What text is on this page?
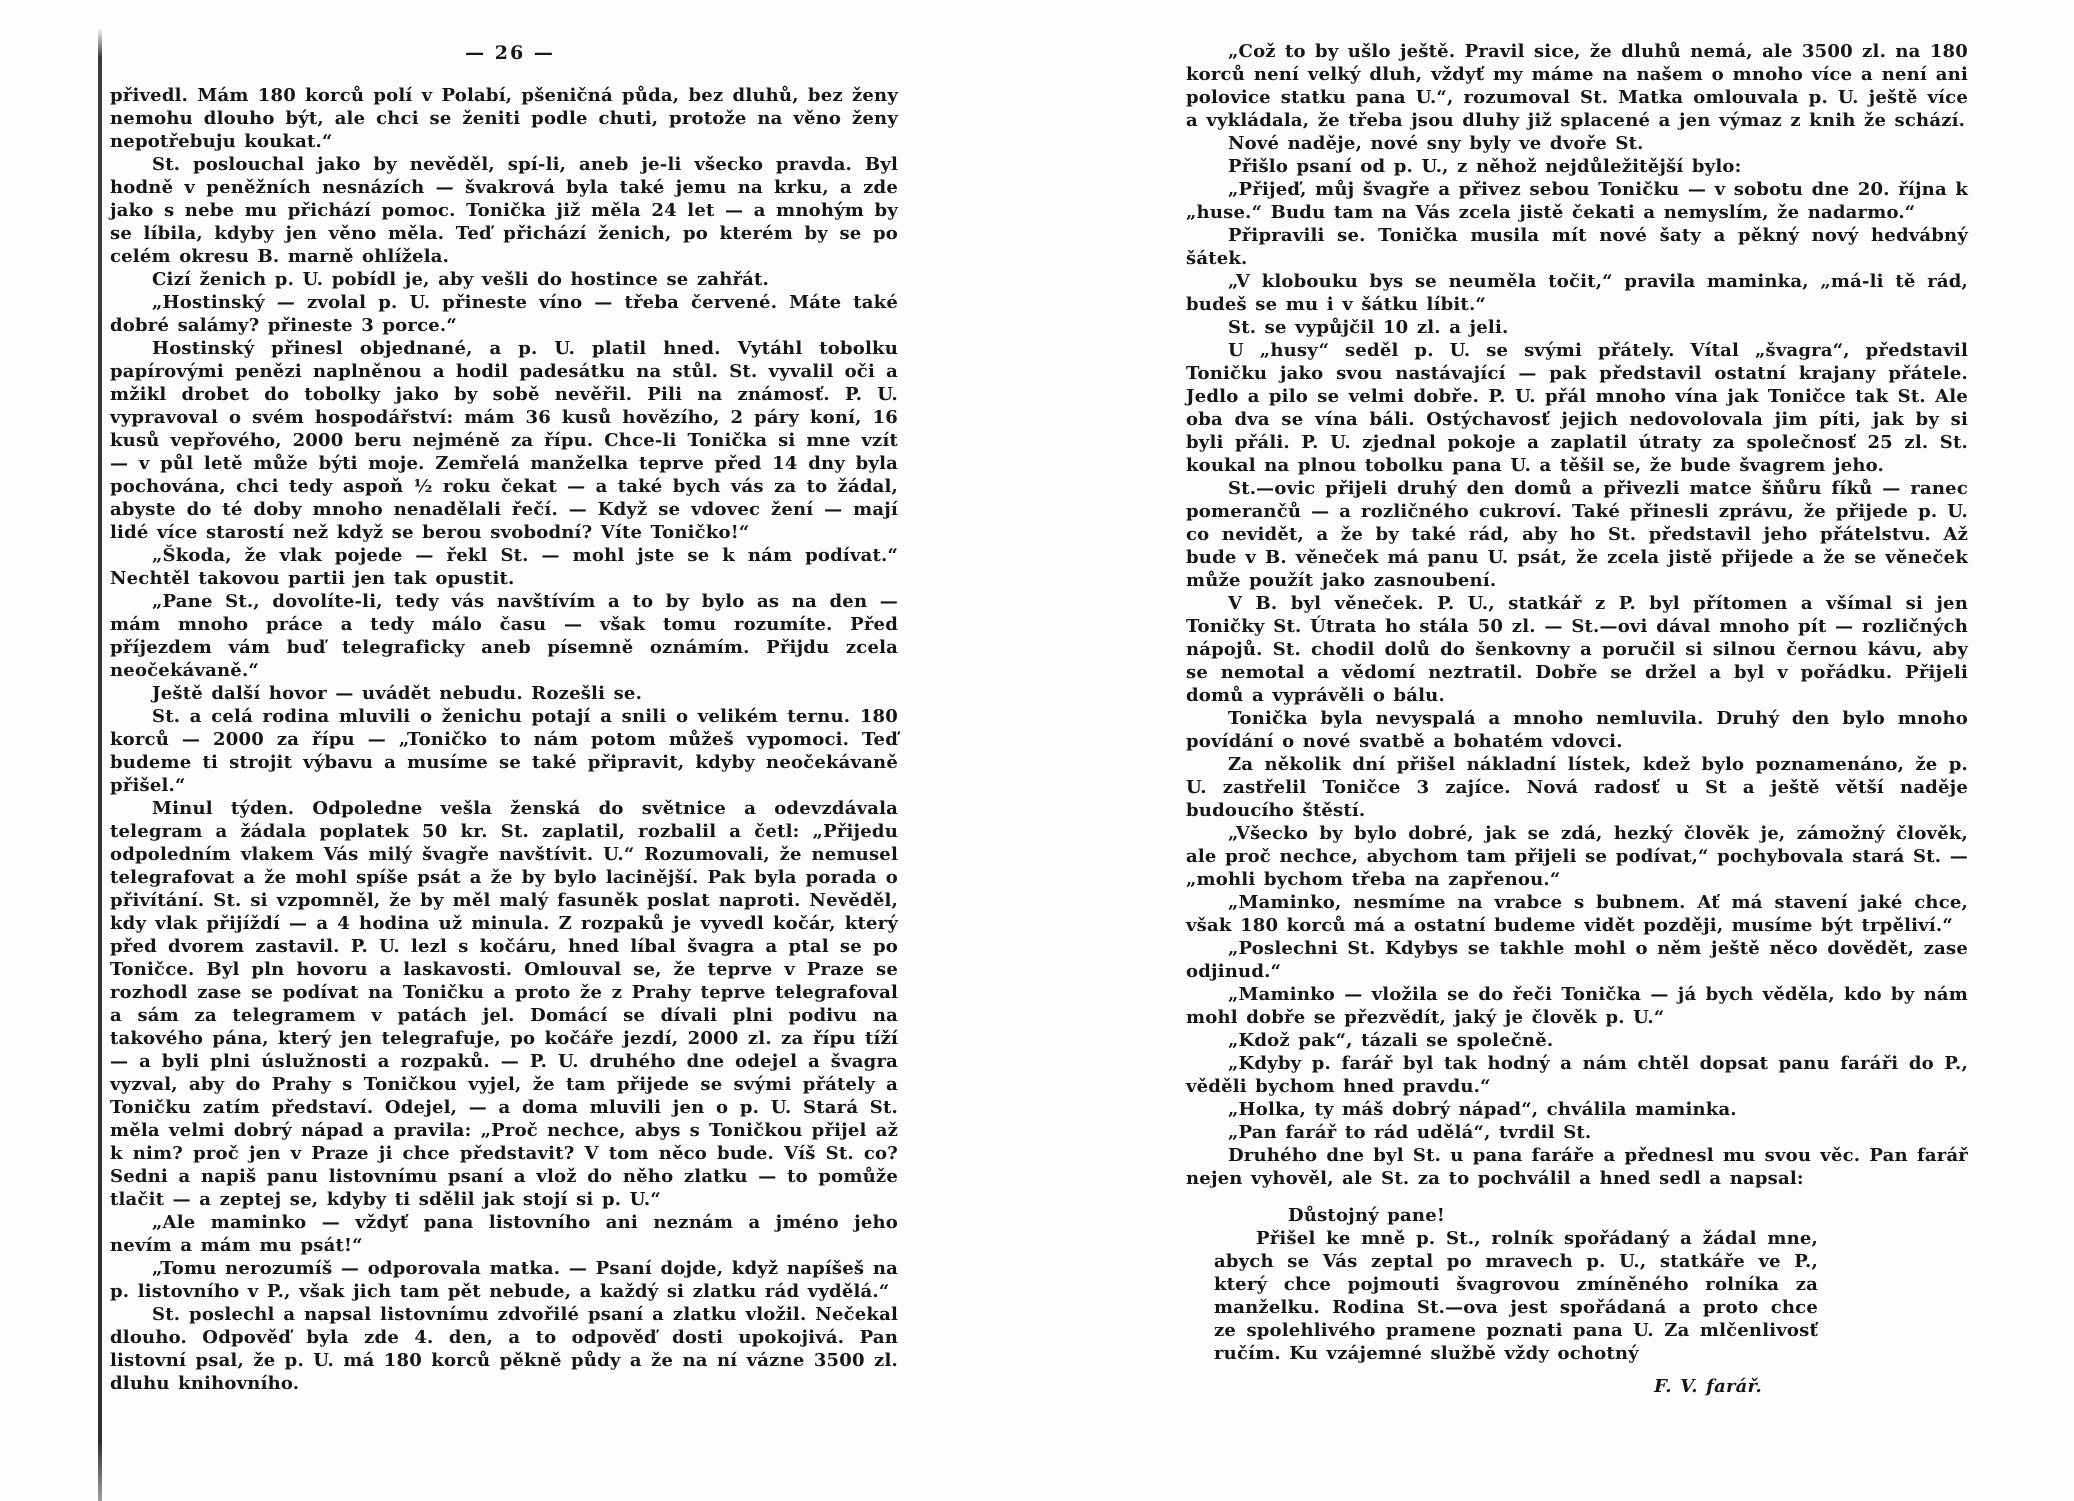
— 26 —

přivedl. Mám 180 korců polí v Polabí, pšeničná půda, bez dluhů, bez ženy nemohu dlouho být, ale chci se ženiti podle chuti, protože na věno ženy nepotřebuju koukat.“

St. poslouchal jako by nevěděl, spí-li, aneb je-li všecko pravda. Byl hodně v peněžních nesnázích — švakrová byla také jemu na krku, a zde jako s nebe mu přichází pomoc. Tonička již měla 24 let — a mnohým by se líbila, kdyby jen věno měla. Teď přichází ženich, po kterém by se po celém okresu B. marně ohlížela.

Cizí ženich p. U. pobídl je, aby vešli do hostince se zahřát.

„Hostinský — zvolal p. U. přineste víno — třeba červené. Máte také dobré salámy? přineste 3 porce.“

Hostinský přinesl objednané, a p. U. platil hned. Vytáhl tobolku papírovými penězi naplněnou a hodil padesátku na stůl. St. vyvalil oči a mžikl drobet do tobolky jako by sobě nevěřil. Pili na známosť. P. U. vypravoval o svém hospodářství: mám 36 kusů hovězího, 2 páry koní, 16 kusů vepřového, 2000 beru nejméně za řípu. Chce-li Tonička si mne vzít — v půl letě může býti moje. Zemřelá manželka teprve před 14 dny byla pochována, chci tedy aspoň ½ roku čekat — a také bych vás za to žádal, abyste do té doby mnoho nenadělali řečí. — Když se vdovec žení — mají lidé více starostí než když se berou svobodní? Víte Toničko!“

„Škoda, že vlak pojede — řekl St. — mohl jste se k nám podívat.“ Nechtěl takovou partii jen tak opustit.

„Pane St., dovolíte-li, tedy vás navštívím a to by bylo as na den — mám mnoho práce a tedy málo času — však tomu rozumíte. Před příjezdem vám buď telegraficky aneb písemně oznámím. Přijdu zcela neočekávaně.“

Ještě další hovor — uvádět nebudu. Rozešli se.

St. a celá rodina mluvili o ženichu potají a snili o velikém ternu. 180 korců — 2000 za řípu — „Toničko to nám potom můžeš vypomoci. Teď budeme ti strojit výbavu a musíme se také připravit, kdyby neočekávaně přišel.“

Minul týden. Odpoledne vešla ženská do světnice a odevzdávala telegram a žádala poplatek 50 kr. St. zaplatil, rozbalil a četl: „Přijedu odpoledním vlakem Vás milý švagře navštívit. U.“ Rozumovali, že nemusel telegrafovat a že mohl spíše psát a že by bylo lacinější. Pak byla porada o přivítání. St. si vzpomněl, že by měl malý fasuněk poslat naproti. Nevěděl, kdy vlak přijíždí — a 4 hodina už minula. Z rozpaků je vyvedl kočár, který před dvorem zastavil. P. U. lezl s kočáru, hned líbal švagra a ptal se po Toničce. Byl pln hovoru a laskavosti. Omlouval se, že teprve v Praze se rozhodl zase se podívat na Toničku a proto že z Prahy teprve telegrafoval a sám za telegramem v patách jel. Domácí se dívali plni podivu na takového pána, který jen telegrafuje, po kočáře jezdí, 2000 zl. za řípu tíží — a byli plni úslužnosti a rozpaků. — P. U. druhého dne odejel a švagra vyzval, aby do Prahy s Toničkou vyjel, že tam přijede se svými přátely a Toničku zatím představí. Odejel, — a doma mluvili jen o p. U. Stará St. měla velmi dobrý nápad a pravila: „Proč nechce, abys s Toničkou přijel až k nim? proč jen v Praze ji chce představit? V tom něco bude. Víš St. co? Sedni a napiš panu listovnímu psaní a vlož do něho zlatku — to pomůže tlačit — a zeptej se, kdyby ti sdělil jak stojí si p. U.“

„Ale maminko — vždyť pana listovního ani neznám a jméno jeho nevím a mám mu psát!“

„Tomu nerozumíš — odporovala matka. — Psaní dojde, když napíšeš na p. listovního v P., však jich tam pět nebude, a každý si zlatku rád vydělá.“

St. poslechl a napsal listovnímu zdvořilé psaní a zlatku vložil. Nečekal dlouho. Odpověď byla zde 4. den, a to odpověď dosti upokojivá. Pan listovní psal, že p. U. má 180 korců pěkně půdy a že na ní vázne 3500 zl. dluhu knihovního.

„Což to by ušlo ještě. Pravil sice, že dluhů nemá, ale 3500 zl. na 180 korců není velký dluh, vždyť my máme na našem o mnoho více a není ani polovice statku pana U.“, rozumoval St. Matka omlouvala p. U. ještě více a vykládala, že třeba jsou dluhy již splacené a jen výmaz z knih že schází.

Nové naděje, nové sny byly ve dvoře St.

Přišlo psaní od p. U., z něhož nejdůležitější bylo:

„Přijeď, můj švagře a přivez sebou Toničku — v sobotu dne 20. října k „huse.“ Budu tam na Vás zcela jistě čekati a nemyslím, že nadarmo.“

Připravili se. Tonička musila mít nové šaty a pěkný nový hedvábný šátek.

„V klobouku bys se neuměla točit,“ pravila maminka, „má-li tě rád, budeš se mu i v šátku líbit.“

St. se vypůjčil 10 zl. a jeli.

U „husy“ seděl p. U. se svými přátely. Vítal „švagra“, představil Toničku jako svou nastávající — pak představil ostatní krajany přátele. Jedlo a pilo se velmi dobře. P. U. přál mnoho vína jak Toničce tak St. Ale oba dva se vína báli. Ostýchavosť jejich nedovolovala jim píti, jak by si byli přáli. P. U. zjednal pokoje a zaplatil útraty za společnosť 25 zl. St. koukal na plnou tobolku pana U. a těšil se, že bude švagrem jeho.

St.—ovic přijeli druhý den domů a přivezli matce šňůru fíků — ranec pomerančů — a rozličného cukroví. Také přinesli zprávu, že přijede p. U. co nevidět, a že by také rád, aby ho St. představil jeho přátelstvu. Až bude v B. věneček má panu U. psát, že zcela jistě přijede a že se věneček může použít jako zasnoubení.

V B. byl věneček. P. U., statkář z P. byl přítomen a všímal si jen Toničky St. Útrata ho stála 50 zl. — St.—ovi dával mnoho pít — rozličných nápojů. St. chodil dolů do šenkovny a poručil si silnou černou kávu, aby se nemotal a vědomí neztratil. Dobře se držel a byl v pořádku. Přijeli domů a vyprávěli o bálu.

Tonička byla nevyspalá a mnoho nemluvila. Druhý den bylo mnoho povídání o nové svatbě a bohatém vdovci.

Za několik dní přišel nákladní lístek, kdež bylo poznamenáno, že p. U. zastřelil Toničce 3 zajíce. Nová radosť u St a ještě větší naděje budoucího štěstí.

„Všecko by bylo dobré, jak se zdá, hezký člověk je, zámožný člověk, ale proč nechce, abychom tam přijeli se podívat,“ pochybovala stará St. — „mohli bychom třeba na zapřenou.“

„Maminko, nesmíme na vrabce s bubnem. Ať má stavení jaké chce, však 180 korců má a ostatní budeme vidět později, musíme být trpěliví.“

„Poslechni St. Kdybys se takhle mohl o něm ještě něco dovědět, zase odjinud.“

„Maminko — vložila se do řeči Tonička — já bych věděla, kdo by nám mohl dobře se přezvědít, jaký je člověk p. U.“

„Kdož pak“, tázali se společně.

„Kdyby p. farář byl tak hodný a nám chtěl dopsat panu faráři do P., věděli bychom hned pravdu.“

„Holka, ty máš dobrý nápad“, chválila maminka.

„Pan farář to rád udělá“, tvrdil St.

Druhého dne byl St. u pana faráře a přednesl mu svou věc. Pan farář nejen vyhověl, ale St. za to pochválil a hned sedl a napsal:

Důstojný pane!
Přišel ke mně p. St., rolník spořádaný a žádal mne, abych se Vás zeptal po mravech p. U., statkáře ve P., který chce pojmouti švagrovou zmíněného rolníka za manželku. Rodina St.—ova jest spořádaná a proto chce ze spolehlivého pramene poznati pana U. Za mlčenlivosť ručím. Ku vzájemné službě vždy ochotný
F. V. farář.
